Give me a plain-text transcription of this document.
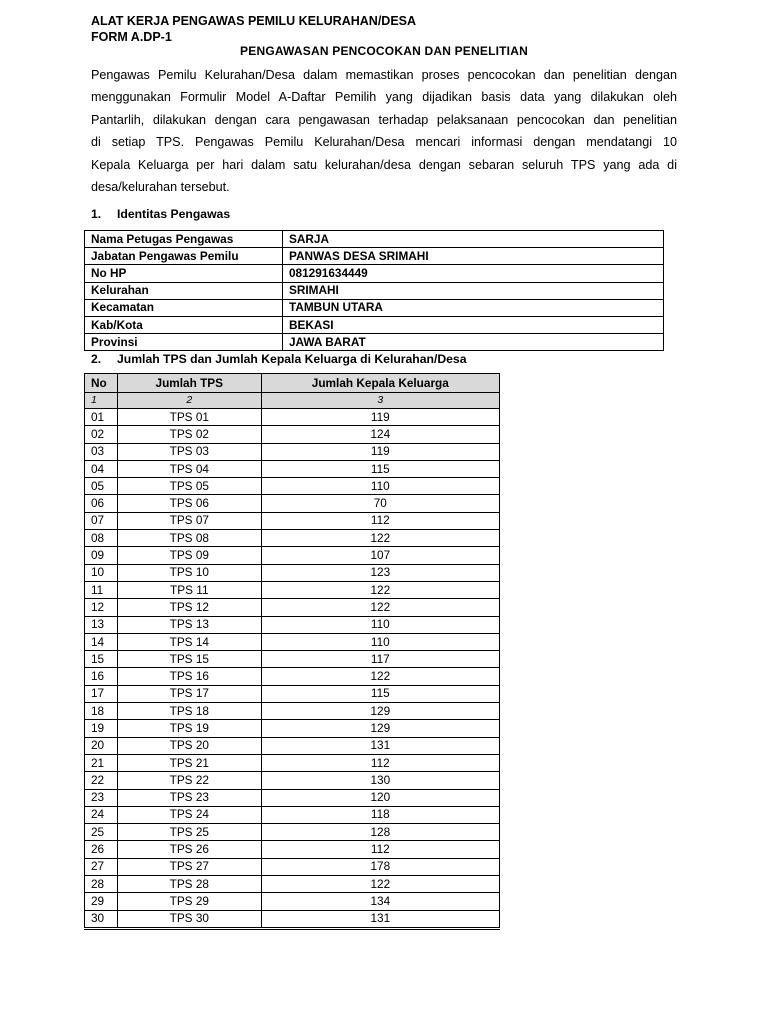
ALAT KERJA PENGAWAS PEMILU KELURAHAN/DESA
FORM A.DP-1
PENGAWASAN PENCOCOKAN DAN PENELITIAN
Pengawas Pemilu Kelurahan/Desa dalam memastikan proses pencocokan dan penelitian dengan
menggunakan Formulir Model A-Daftar Pemilih yang dijadikan basis data yang dilakukan oleh
Pantarlih, dilakukan dengan cara pengawasan terhadap pelaksanaan pencocokan dan penelitian
di setiap TPS. Pengawas Pemilu Kelurahan/Desa mencari informasi dengan mendatangi 10
Kepala Keluarga per hari dalam satu kelurahan/desa dengan sebaran seluruh TPS yang ada di
desa/kelurahan tersebut.
1. Identitas Pengawas
Nama Petugas Pengawas	SARJA
Jabatan Pengawas Pemilu	PANWAS DESA SRIMAHI
No HP	081291634449
Kelurahan	SRIMAHI
Kecamatan	TAMBUN UTARA
Kab/Kota	BEKASI
Provinsi	JAWA BARAT
2. Jumlah TPS dan Jumlah Kepala Keluarga di Kelurahan/Desa
No	Jumlah TPS	Jumlah Kepala Keluarga
1	2	3
01	TPS 01	119
02	TPS 02	124
03	TPS 03	119
04	TPS 04	115
05	TPS 05	110
06	TPS 06	70
07	TPS 07	112
08	TPS 08	122
09	TPS 09	107
10	TPS 10	123
11	TPS 11	122
12	TPS 12	122
13	TPS 13	110
14	TPS 14	110
15	TPS 15	117
16	TPS 16	122
17	TPS 17	115
18	TPS 18	129
19	TPS 19	129
20	TPS 20	131
21	TPS 21	112
22	TPS 22	130
23	TPS 23	120
24	TPS 24	118
25	TPS 25	128
26	TPS 26	112
27	TPS 27	178
28	TPS 28	122
29	TPS 29	134
30	TPS 30	131
